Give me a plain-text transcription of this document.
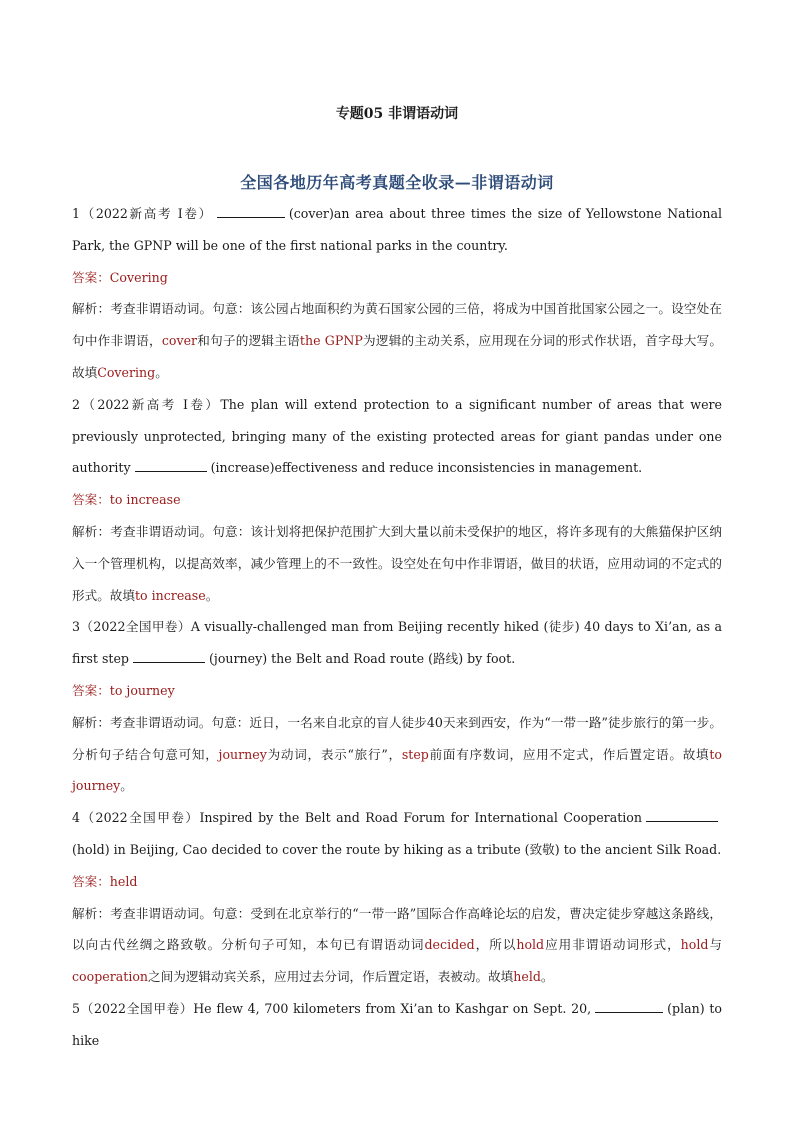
专题05 非谓语动词
全国各地历年高考真题全收录—非谓语动词

1（2022新高考 I卷）	(cover)an area about three times the size of Yellowstone National Park, the GPNP will be one of the first national parks in the country.

答案：Covering

解析：考查非谓语动词。句意：该公园占地面积约为黄石国家公园的三倍，将成为中国首批国家公园之一。设空处在句中作非谓语，cover和句子的逻辑主语the GPNP为逻辑的主动关系，应用现在分词的形式作状语，首字母大写。故填Covering。

2（2022新高考 I卷）The plan will extend protection to a significant number of areas that were previously unprotected, bringing many of the existing protected areas for giant pandas under one authority	(increase)effectiveness and reduce inconsistencies in management.

答案：to increase

解析：考查非谓语动词。句意：该计划将把保护范围扩大到大量以前未受保护的地区，将许多现有的大熊猫保护区纳入一个管理机构，以提高效率，减少管理上的不一致性。设空处在句中作非谓语，做目的状语，应用动词的不定式的形式。故填to increase。

3（2022全国甲卷）A visually-challenged man from Beijing recently hiked (徒步) 40 days to Xi’an, as a first step	(journey) the Belt and Road route (路线) by foot.

答案：to journey

解析：考查非谓语动词。句意：近日，一名来自北京的盲人徒步40天来到西安，作为“一带一路”徒步旅行的第一步。分析句子结合句意可知，journey为动词，表示“旅行”，step前面有序数词，应用不定式，作后置定语。故填to journey。

4（2022全国甲卷）Inspired by the Belt and Road Forum for International Cooperation(hold) in Beijing, Cao decided to cover the route by hiking as a tribute (致敬) to the ancient Silk Road.

答案：held

解析：考查非谓语动词。句意：受到在北京举行的“一带一路”国际合作高峰论坛的启发，曹决定徒步穿越这条路线，以向古代丝绸之路致敬。分析句子可知，本句已有谓语动词decided，所以hold应用非谓语动词形式，hold与cooperation之间为逻辑动宾关系，应用过去分词，作后置定语，表被动。故填held。

5（2022全国甲卷）He flew 4, 700 kilometers from Xi’an to Kashgar on Sept. 20,	(plan) to hike
